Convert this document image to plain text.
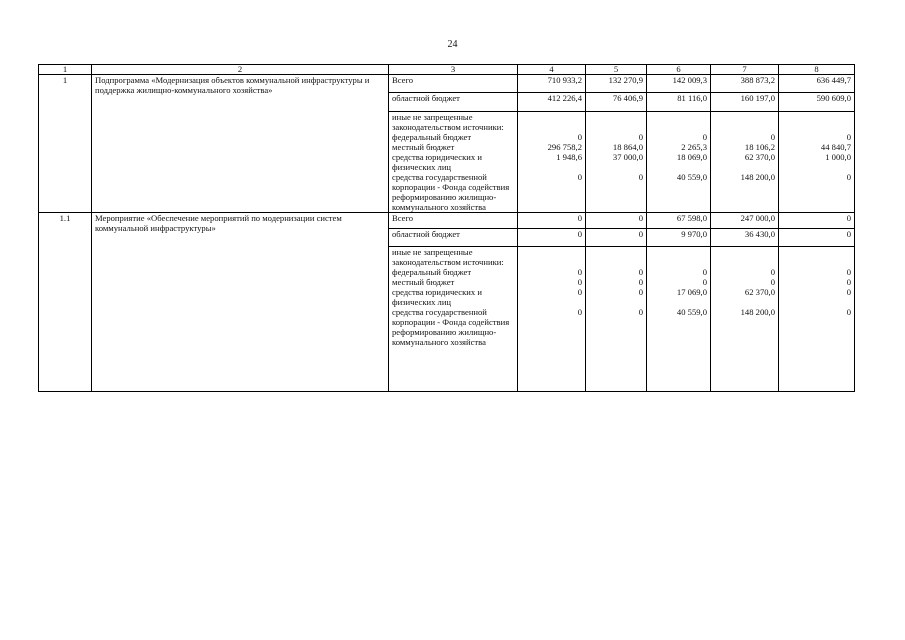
24
1	2	3	4	5	6	7	8
1	Подпрограмма «Модернизация объектов коммунальной инфраструктуры и поддержка жилищно-коммунального хозяйства»	Всего	710 933,2	132 270,9	142 009,3	388 873,2	636 449,7
		областной бюджет	412 226,4	76 406,9	81 116,0	160 197,0	590 609,0
		иные не запрещенные законодательством источники:					
		федеральный бюджет	0	0	0	0	0
		местный бюджет	296 758,2	18 864,0	2 265,3	18 106,2	44 840,7
		средства юридических и физических лиц	1 948,6	37 000,0	18 069,0	62 370,0	1 000,0
		средства государственной корпорации - Фонда содействия реформированию жилищно-коммунального хозяйства	0	0	40 559,0	148 200,0	0
1.1	Мероприятие «Обеспечение мероприятий по модернизации систем коммунальной инфраструктуры»	Всего	0	0	67 598,0	247 000,0	0
		областной бюджет	0	0	9 970,0	36 430,0	0
		иные не запрещенные законодательством источники:					
		федеральный бюджет	0	0	0	0	0
		местный бюджет	0	0	0	0	0
		средства юридических и физических лиц	0	0	17 069,0	62 370,0	0
		средства государственной корпорации - Фонда содействия реформированию жилищно-коммунального хозяйства	0	0	40 559,0	148 200,0	0
